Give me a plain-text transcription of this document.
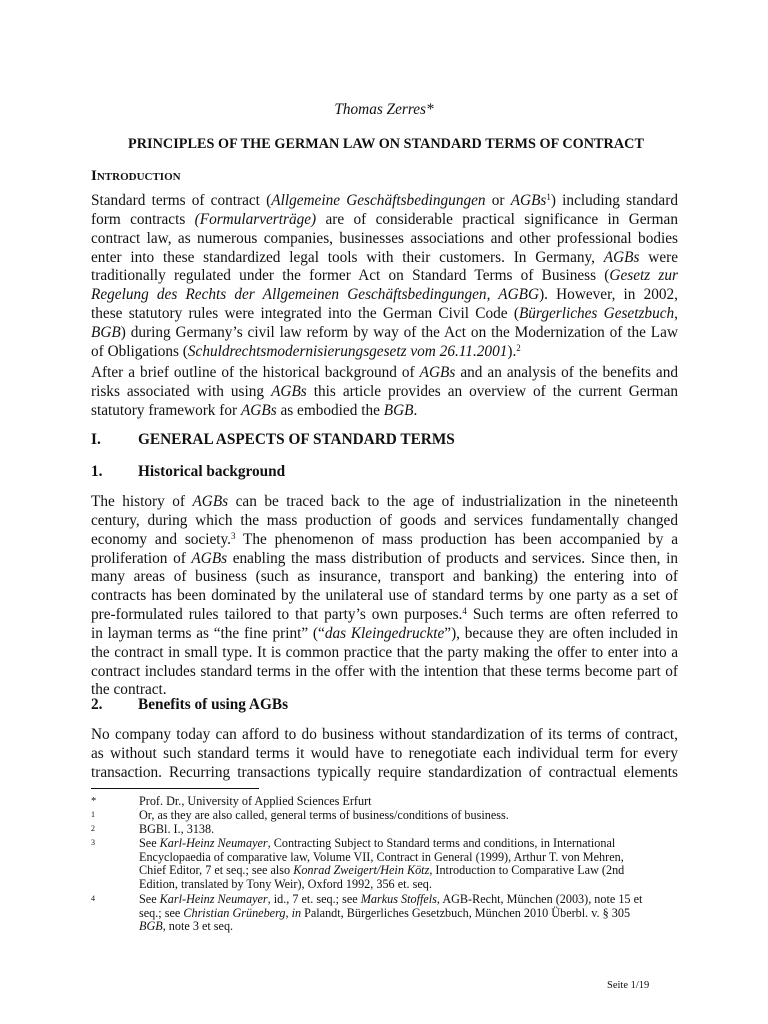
Thomas Zerres*
PRINCIPLES OF THE GERMAN LAW ON STANDARD TERMS OF CONTRACT
INTRODUCTION
Standard terms of contract (Allgemeine Geschäftsbedingungen or AGBs$^1$) including standard
form contracts (Formularverträge) are of considerable practical significance in German
contract law, as numerous companies, businesses associations and other professional bodies
enter into these standardized legal tools with their customers. In Germany, AGBs were
traditionally regulated under the former Act on Standard Terms of Business (Gesetz zur
Regelung des Rechts der Allgemeinen Geschäftsbedingungen, AGBG). However, in 2002,
these statutory rules were integrated into the German Civil Code (Bürgerliches Gesetzbuch,
BGB) during Germany’s civil law reform by way of the Act on the Modernization of the Law
of Obligations (Schuldrechtsmodernisierungsgesetz vom 26.11.2001).$^2$
After a brief outline of the historical background of AGBs and an analysis of the benefits and
risks associated with using AGBs this article provides an overview of the current German
statutory framework for AGBs as embodied the BGB.
I. GENERAL ASPECTS OF STANDARD TERMS
1. Historical background
The history of AGBs can be traced back to the age of industrialization in the nineteenth
century, during which the mass production of goods and services fundamentally changed
economy and society.$^3$ The phenomenon of mass production has been accompanied by a
proliferation of AGBs enabling the mass distribution of products and services. Since then, in
many areas of business (such as insurance, transport and banking) the entering into of
contracts has been dominated by the unilateral use of standard terms by one party as a set of
pre-formulated rules tailored to that party’s own purposes.$^4$ Such terms are often referred to
in layman terms as “the fine print” (“das Kleingedruckte”), because they are often included in
the contract in small type. It is common practice that the party making the offer to enter into a
contract includes standard terms in the offer with the intention that these terms become part of
the contract.
2. Benefits of using AGBs
No company today can afford to do business without standardization of its terms of contract,
as without such standard terms it would have to renegotiate each individual term for every
transaction. Recurring transactions typically require standardization of contractual elements
*	Prof. Dr., University of Applied Sciences Erfurt
1	Or, as they are also called, general terms of business/conditions of business.
2	BGBl. I., 3138.
3	See Karl-Heinz Neumayer, Contracting Subject to Standard terms and conditions, in International
Encyclopaedia of comparative law, Volume VII, Contract in General (1999), Arthur T. von Mehren,
Chief Editor, 7 et seq.; see also Konrad Zweigert/Hein Kötz, Introduction to Comparative Law (2nd
Edition, translated by Tony Weir), Oxford 1992, 356 et. seq.
4	See Karl-Heinz Neumayer, id., 7 et. seq.; see Markus Stoffels, AGB-Recht, München (2003), note 15 et
seq.; see Christian Grüneberg, in Palandt, Bürgerliches Gesetzbuch, München 2010 Überbl. v. § 305
BGB, note 3 et seq.
Seite 1/19
